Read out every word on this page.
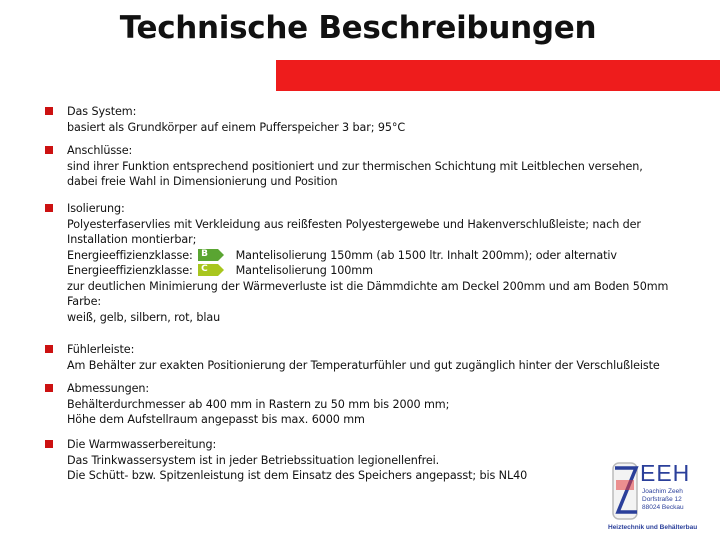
Technische Beschreibungen
Das System:
basiert als Grundkörper auf einem Pufferspeicher 3 bar; 95°C
Anschlüsse:
sind ihrer Funktion entsprechend positioniert und zur thermischen Schichtung mit Leitblechen versehen,
dabei freie Wahl in Dimensionierung und Position
Isolierung:
Polyesterfaservlies mit Verkleidung aus reißfesten Polyestergewebe und Hakenverschlußleiste; nach der
Installation montierbar;
Energieeffizienzklasse: B Mantelisolierung 150mm (ab 1500 ltr. Inhalt 200mm); oder alternativ
Energieeffizienzklasse: C Mantelisolierung 100mm
zur deutlichen Minimierung der Wärmeverluste ist die Dämmdichte am Deckel 200mm und am Boden 50mm
Farbe:
weiß, gelb, silbern, rot, blau
Fühlerleiste:
Am Behälter zur exakten Positionierung der Temperaturfühler und gut zugänglich hinter der Verschlußleiste
Abmessungen:
Behälterdurchmesser ab 400 mm in Rastern zu 50 mm bis 2000 mm;
Höhe dem Aufstellraum angepasst bis max. 6000 mm
Die Warmwasserbereitung:
Das Trinkwassersystem ist in jeder Betriebssituation legionellenfrei.
Die Schütt- bzw. Spitzenleistung ist dem Einsatz des Speichers angepasst; bis NL40	EEH
Joachim Zeeh
Dorfstraße 12
88024 Beckau
Heiztechnik und Behälterbau
